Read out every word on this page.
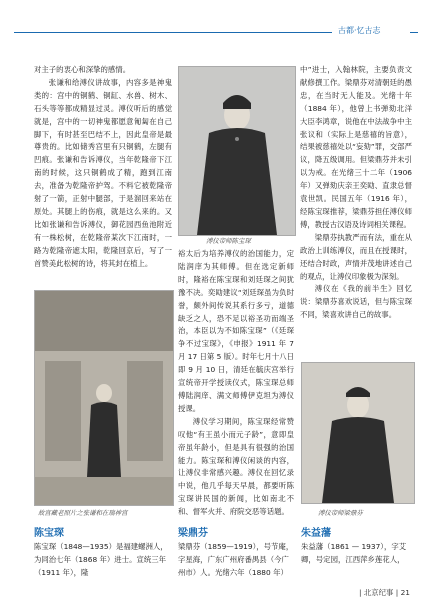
古都·忆古志

对主子的衷心和深挚的感情。

张谦和给溥仪讲故事，内容多是神鬼类的：宫中的铜鹤、铜缸、水兽、树木、石头等等都成精显过灵。溥仪听后的感觉就是，宫中的一切神鬼都愿意匍匐在自己脚下，有时甚至巴结不上，因此皇帝是最尊贵的。比如储秀宫里有只铜鹤，左腿有凹痕。张谦和告诉溥仪，当年乾隆帝下江南的时候，这只铜鹤成了精，跑到江南去，准备为乾隆帝护驾。不料它被乾隆帝射了一箭，正射中腿部，于是溜回来站在原处。其腿上的伤痕，就是这么来的。又比如张谦和告诉溥仪，御花园西鱼池附近有一株松树，在乾隆帝某次下江南时，一路为乾隆帝遮太阳，乾隆回京后，写了一首赞美此松树的诗，将其封在植上。

溥仪帝师陈宝琛

裕太后为培养溥仪的治国能力，定陆润庠为其师傅。但在选定新师时，隆裕在陈宝琛和刘廷琛之间犹豫不决。奕劻建议“刘廷琛虽为负时誉，颇外间传说其系行多亏，道德缺乏之人，恐不足以裕圣功而端圣治，本臣以为不如陈宝琛”（《廷琛争不过宝琛》，《申报》1911 年 7 月 17 日第 5 版）。时年七月十八日即 9 月 10 日，清廷在毓庆宫举行宣统帝开学授读仪式，陈宝琛总师傅陆润庠、满文师傅伊克坦为溥仪授课。

溥仪学习期间，陈宝琛经常赞叹他“有王虽小而元子龄”，意即皇帝虽年龄小，但是具有很强的治国能力。陈宝琛和溥仪闲谈的内容，让溥仪非常感兴趣。溥仪在回忆录中说，他几乎每天早晨，都要听陈宝琛讲民国的新闻，比如南北不和、督军火并、府院交恶等话题。

中”进士，入翰林院，主要负责文献修撰工作。梁鼎芬对清朝廷的愚忠，在当时无人能及。光绪十年（1884 年），他曾上书弹劾北洋大臣李鸿章，说他在中法战争中主张议和（实际上是慈禧的旨意），结果被慈禧处以“妄劾”罪，交部严议，降五级调用。但梁鼎芬并未引以为戒。在光绪三十二年（1906 年）又弹劾庆亲王奕劻、直隶总督袁世凯。民国五年（1916 年），经陈宝琛推荐，梁鼎芬担任溥仪师傅，教授古汉语及诗词相关课程。

梁鼎芬执教严而有法，重在从政治上训练溥仪，而且在授课时，还结合时政，声情并茂地讲述自己的观点，让溥仪印象极为深刻。

溥仪在《我的前半生》回忆说：梁鼎芬喜欢说话，但与陈宝琛不同，梁喜欢讲自己的故事。

故宫藏老照片之张谦和在瑞神宫	溥仪帝师梁鼎芬
陈宝琛
陈宝琛（1848—1935）是福建螺洲人，为同治七年（1868 年）进士。宣统三年（1911 年），隆
梁鼎芬
梁鼎芬（1859—1919），号节庵，字星海，广东广州府番禺县（今广州市）人。光绪六年（1880 年）
朱益藩
朱益藩（1861 — 1937），字艾卿，号定园，江西萍乡莲花人，
| 北京纪事 | 21
